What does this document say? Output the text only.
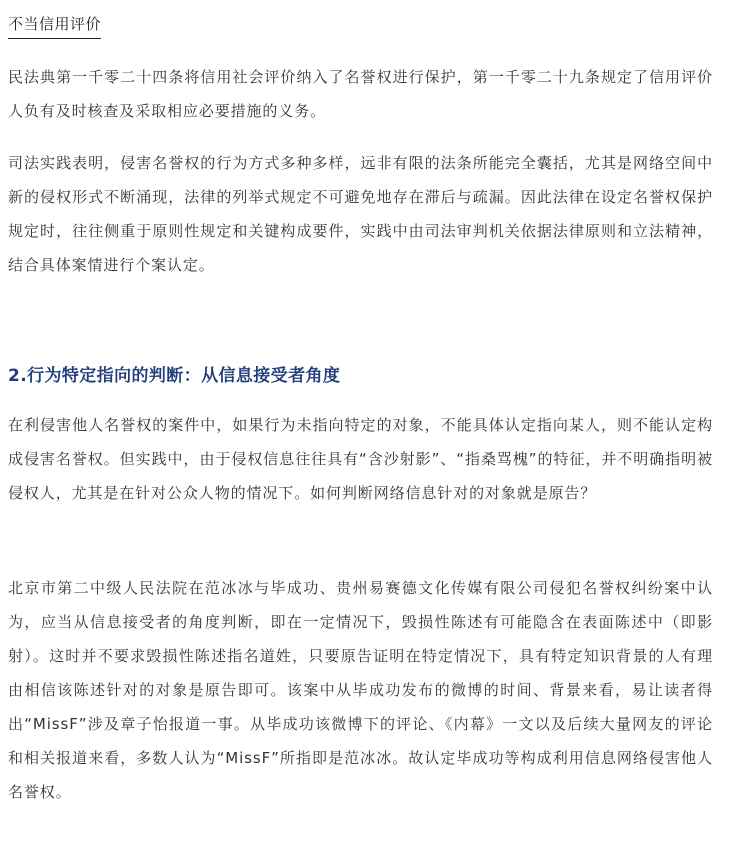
不当信用评价

民法典第一千零二十四条将信用社会评价纳入了名誉权进行保护，第一千零二十九条规定了信用评价人负有及时核查及采取相应必要措施的义务。

司法实践表明，侵害名誉权的行为方式多种多样，远非有限的法条所能完全囊括，尤其是网络空间中新的侵权形式不断涌现，法律的列举式规定不可避免地存在滞后与疏漏。因此法律在设定名誉权保护规定时，往往侧重于原则性规定和关键构成要件，实践中由司法审判机关依据法律原则和立法精神，结合具体案情进行个案认定。

2.行为特定指向的判断：从信息接受者角度

在利侵害他人名誉权的案件中，如果行为未指向特定的对象，不能具体认定指向某人，则不能认定构成侵害名誉权。但实践中，由于侵权信息往往具有“含沙射影”、“指桑骂槐”的特征，并不明确指明被侵权人，尤其是在针对公众人物的情况下。如何判断网络信息针对的对象就是原告？

北京市第二中级人民法院在范冰冰与毕成功、贵州易赛德文化传媒有限公司侵犯名誉权纠纷案中认为，应当从信息接受者的角度判断，即在一定情况下，毁损性陈述有可能隐含在表面陈述中（即影射）。这时并不要求毁损性陈述指名道姓，只要原告证明在特定情况下，具有特定知识背景的人有理由相信该陈述针对的对象是原告即可。该案中从毕成功发布的微博的时间、背景来看，易让读者得出“MissF”涉及章子怡报道一事。从毕成功该微博下的评论、《内幕》一文以及后续大量网友的评论和相关报道来看，多数人认为“MissF”所指即是范冰冰。故认定毕成功等构成利用信息网络侵害他人名誉权。
